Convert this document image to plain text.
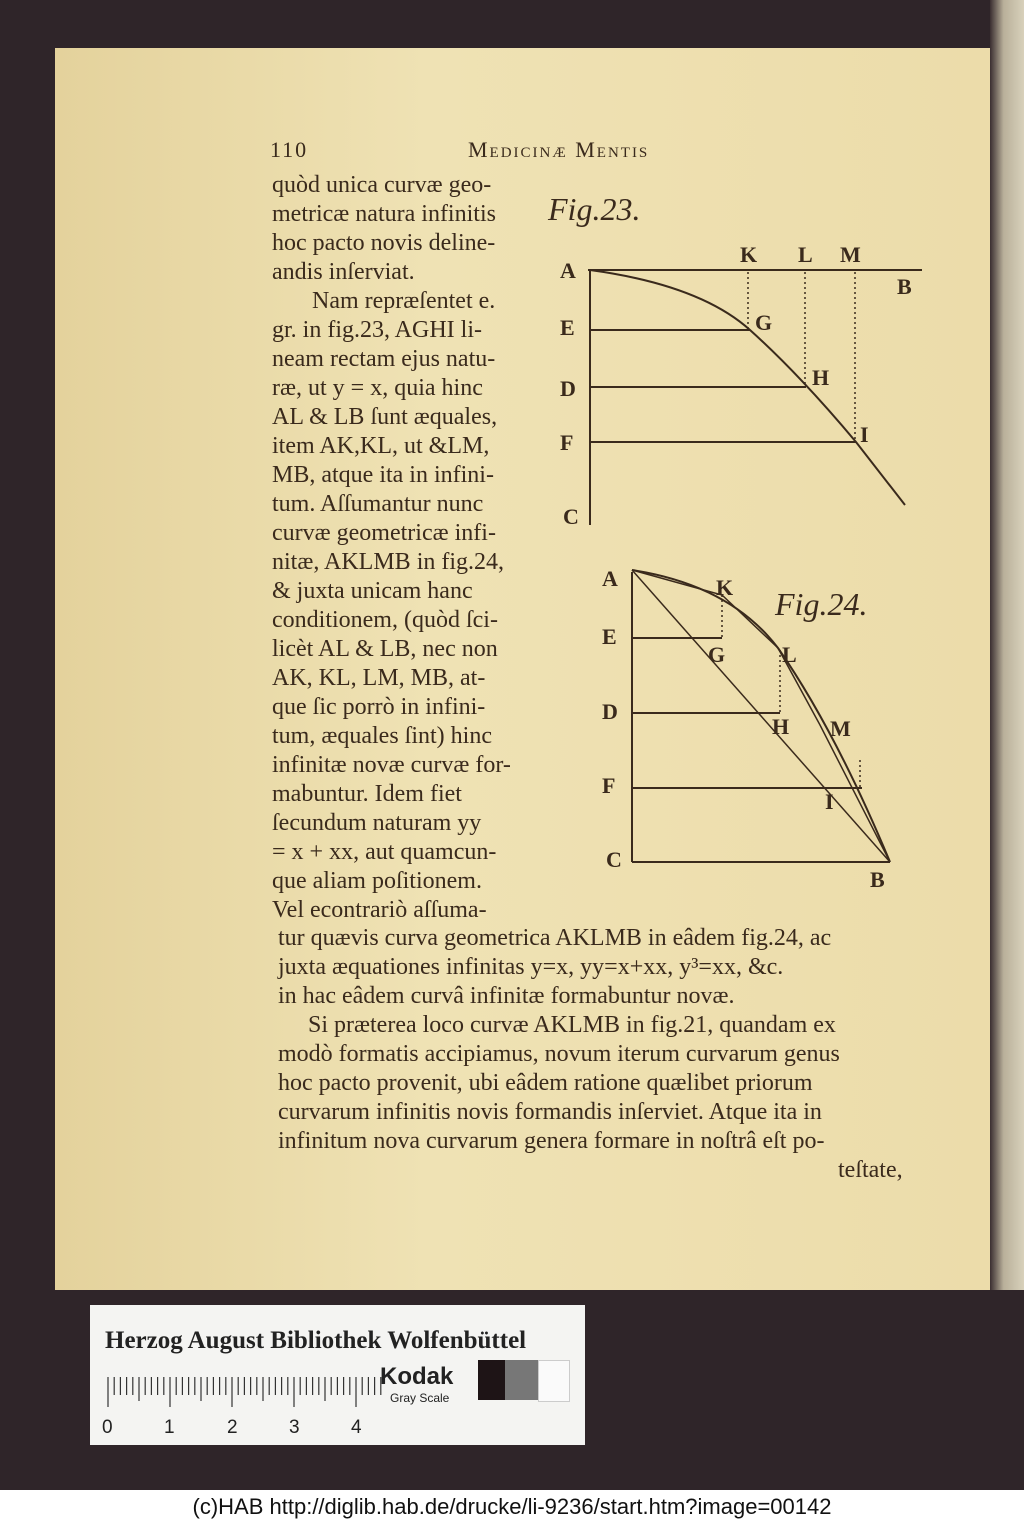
110	Medicinæ Mentis
quòd unica curvæ geo-
metricæ natura infinitis
hoc pacto novis deline-
andis inſerviat.
Nam repræſentet e.
gr. in fig.23, AGHI li-
neam rectam ejus natu-
ræ, ut y = x, quia hinc
AL & LB ſunt æquales,
item AK,KL, ut &LM,
MB, atque ita in infini-
tum. Aſſumantur nunc
curvæ geometricæ infi-
nitæ, AKLMB in fig.24,
& juxta unicam hanc
conditionem, (quòd ſci-
licèt AL & LB, nec non
AK, KL, LM, MB, at-
que ſic porrò in infini-
tum, æquales ſint) hinc
infinitæ novæ curvæ for-
mabuntur. Idem fiet
ſecundum naturam yy
= x + xx, aut quamcun-
que aliam poſitionem.
Vel econtrariò aſſuma-
tur quævis curva geometrica AKLMB in eâdem fig.24, ac
juxta æquationes infinitas y=x, yy=x+xx, y³=xx, &c.
in hac eâdem curvâ infinitæ formabuntur novæ.
Si præterea loco curvæ AKLMB in fig.21, quandam ex
modò formatis accipiamus, novum iterum curvarum genus
hoc pacto provenit, ubi eâdem ratione quælibet priorum
curvarum infinitis novis formandis inſerviet. Atque ita in
infinitum nova curvarum genera formare in noſtrâ eſt po-
teſtate,
Fig.23.
A
K L M
B
E	G
D	H
F	I
C
Fig.24.
A	K
E
G	L
D
H M
F
I
C
B
Herzog August Bibliothek Wolfenbüttel
0	1	2	3	4
Kodak
Gray Scale
(c)HAB http://diglib.hab.de/drucke/li-9236/start.htm?image=00142
